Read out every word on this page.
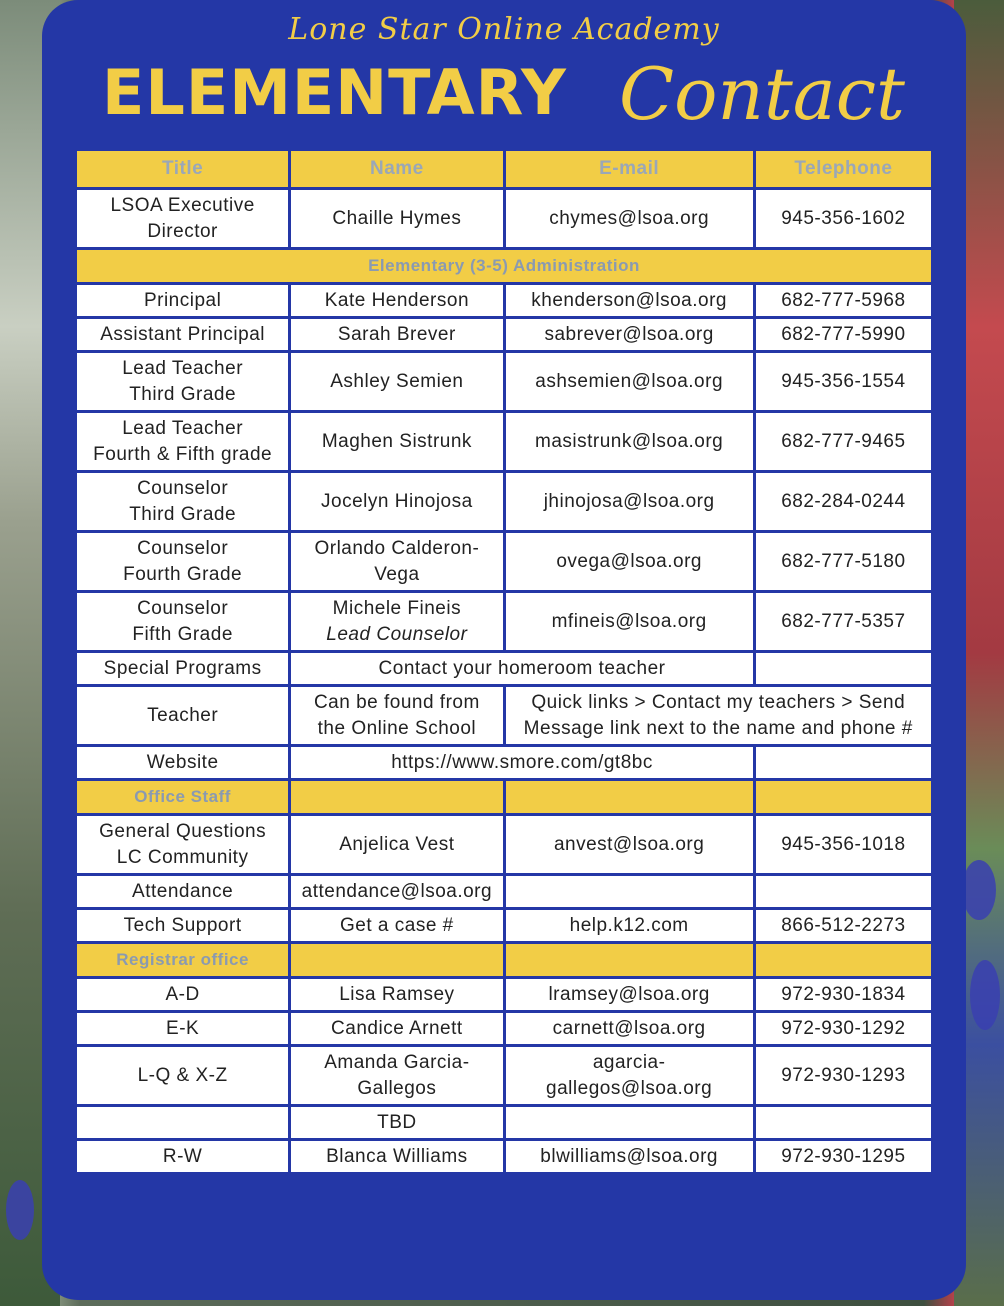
Lone Star Online Academy
ELEMENTARY Contact
Title	Name	E-mail	Telephone
LSOA Executive
Director	Chaille Hymes	chymes@lsoa.org	945-356-1602
Elementary (3-5) Administration			
Principal	Kate Henderson	khenderson@lsoa.org	682-777-5968
Assistant Principal	Sarah Brever	sabrever@lsoa.org	682-777-5990
Lead Teacher
Third Grade	Ashley Semien	ashsemien@lsoa.org	945-356-1554
Lead Teacher
Fourth & Fifth grade	Maghen Sistrunk	masistrunk@lsoa.org	682-777-9465
Counselor
Third Grade	Jocelyn Hinojosa	jhinojosa@lsoa.org	682-284-0244
Counselor
Fourth Grade	Orlando Calderon-
Vega	ovega@lsoa.org	682-777-5180
Counselor
Fifth Grade	Michele Fineis
Lead Counselor	mfineis@lsoa.org	682-777-5357
Special Programs	Contact your homeroom teacher		
Teacher	Can be found from
the Online School	Quick links > Contact my teachers > Send
Message link next to the name and phone #	
Website	https://www.smore.com/gt8bc		
Office Staff			
General Questions
LC Community	Anjelica Vest	anvest@lsoa.org	945-356-1018
Attendance	attendance@lsoa.org		
Tech Support	Get a case #	help.k12.com	866-512-2273
Registrar office			
A-D	Lisa Ramsey	lramsey@lsoa.org	972-930-1834
E-K	Candice Arnett	carnett@lsoa.org	972-930-1292
L-Q & X-Z	Amanda Garcia-
Gallegos	agarcia-
gallegos@lsoa.org	972-930-1293
	TBD		
R-W	Blanca Williams	blwilliams@lsoa.org	972-930-1295
